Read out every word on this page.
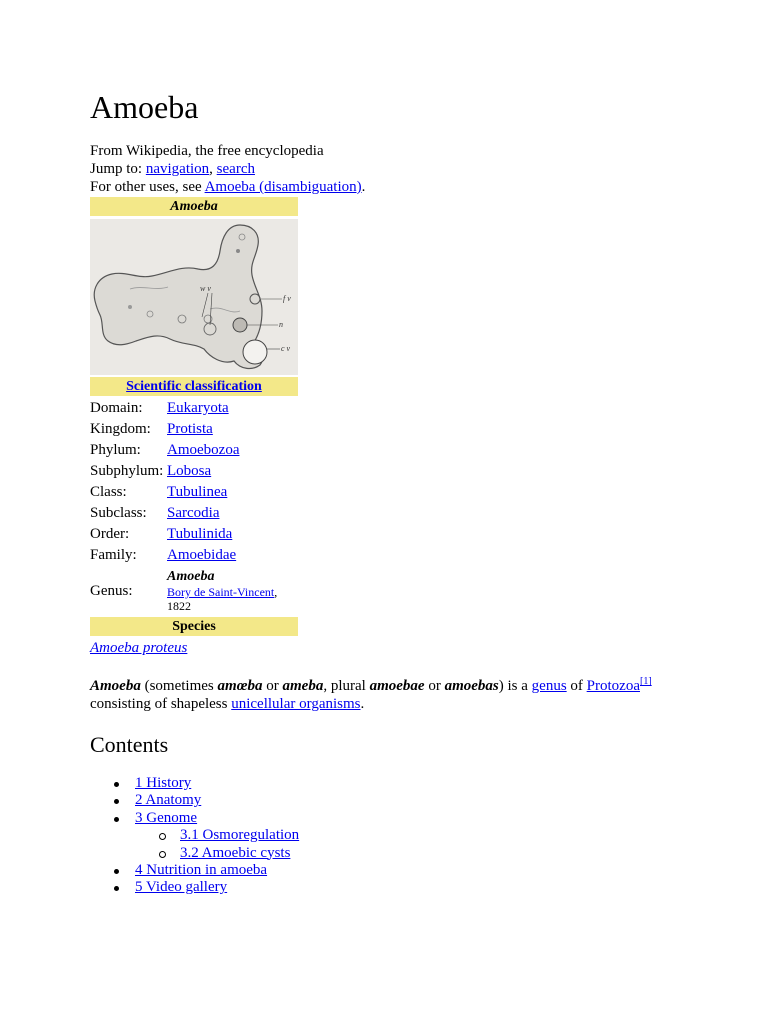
Amoeba
From Wikipedia, the free encyclopedia
Jump to: navigation, search
For other uses, see Amoeba (disambiguation).
Amoeba
w v
f v
n
c v
Scientific classification
Domain:	Eukaryota
Kingdom:	Protista
Phylum:	Amoebozoa
Subphylum: Lobosa
Class:	Tubulinea
Subclass:	Sarcodia
Order:	Tubulinida
Family:	Amoebidae
Genus:
Amoeba
Bory de Saint-Vincent,
1822
Species
Amoeba proteus
Amoeba (sometimes amœba or ameba, plural amoebae or amoebas) is a genus of Protozoa[1]
consisting of shapeless unicellular organisms.
Contents
1 History
2 Anatomy
3 Genome
3.1 Osmoregulation
3.2 Amoebic cysts
4 Nutrition in amoeba
5 Video gallery
